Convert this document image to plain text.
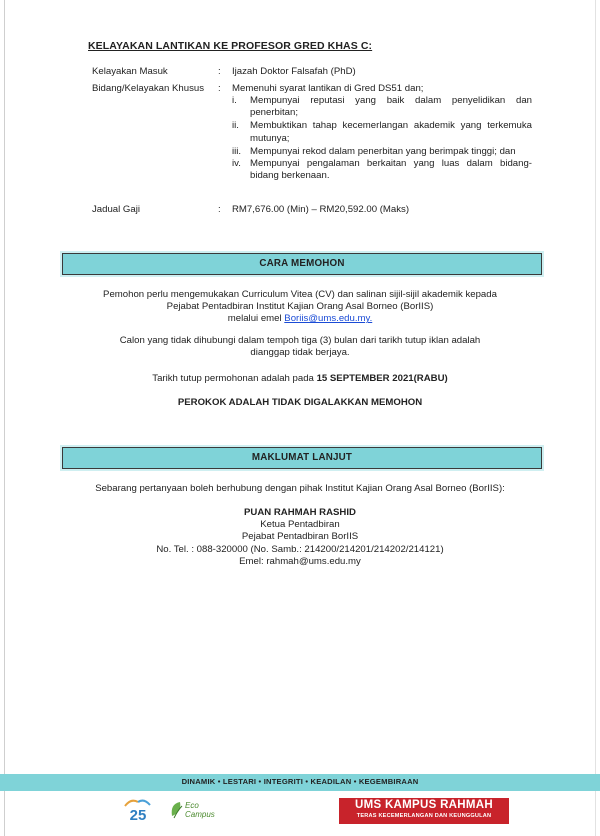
KELAYAKAN LANTIKAN KE PROFESOR GRED KHAS C:
Kelayakan Masuk	: Ijazah Doktor Falsafah (PhD)
Bidang/Kelayakan Khusus : Memenuhi syarat lantikan di Gred DS51 dan;
i.	Mempunyai reputasi yang baik dalam penyelidikan dan penerbitan;
ii.	Membuktikan tahap kecemerlangan akademik yang terkemuka mutunya;
iii. Mempunyai rekod dalam penerbitan yang berimpak tinggi; dan
iv. Mempunyai pengalaman berkaitan yang luas dalam bidang-bidang berkenaan.
Jadual Gaji	: RM7,676.00 (Min) – RM20,592.00 (Maks)
CARA MEMOHON
Pemohon perlu mengemukakan Curriculum Vitea (CV) dan salinan sijil-sijil akademik kepada
Pejabat Pentadbiran Institut Kajian Orang Asal Borneo (BorIIS)
melalui emel Boriis@ums.edu.my.
Calon yang tidak dihubungi dalam tempoh tiga (3) bulan dari tarikh tutup iklan adalah
dianggap tidak berjaya.
Tarikh tutup permohonan adalah pada 15 SEPTEMBER 2021(RABU)
PEROKOK ADALAH TIDAK DIGALAKKAN MEMOHON
MAKLUMAT LANJUT
Sebarang pertanyaan boleh berhubung dengan pihak Institut Kajian Orang Asal Borneo (BorIIS):
PUAN RAHMAH RASHID
Ketua Pentadbiran
Pejabat Pentadbiran BorIIS
No. Tel. : 088-320000 (No. Samb.: 214200/214201/214202/214121)
Emel: rahmah@ums.edu.my
DINAMIK • LESTARI • INTEGRITI • KEADILAN • KEGEMBIRAAN
25
Eco
Campus
UMS KAMPUS RAHMAH
TERAS KECEMERLANGAN DAN KEUNGGULAN
